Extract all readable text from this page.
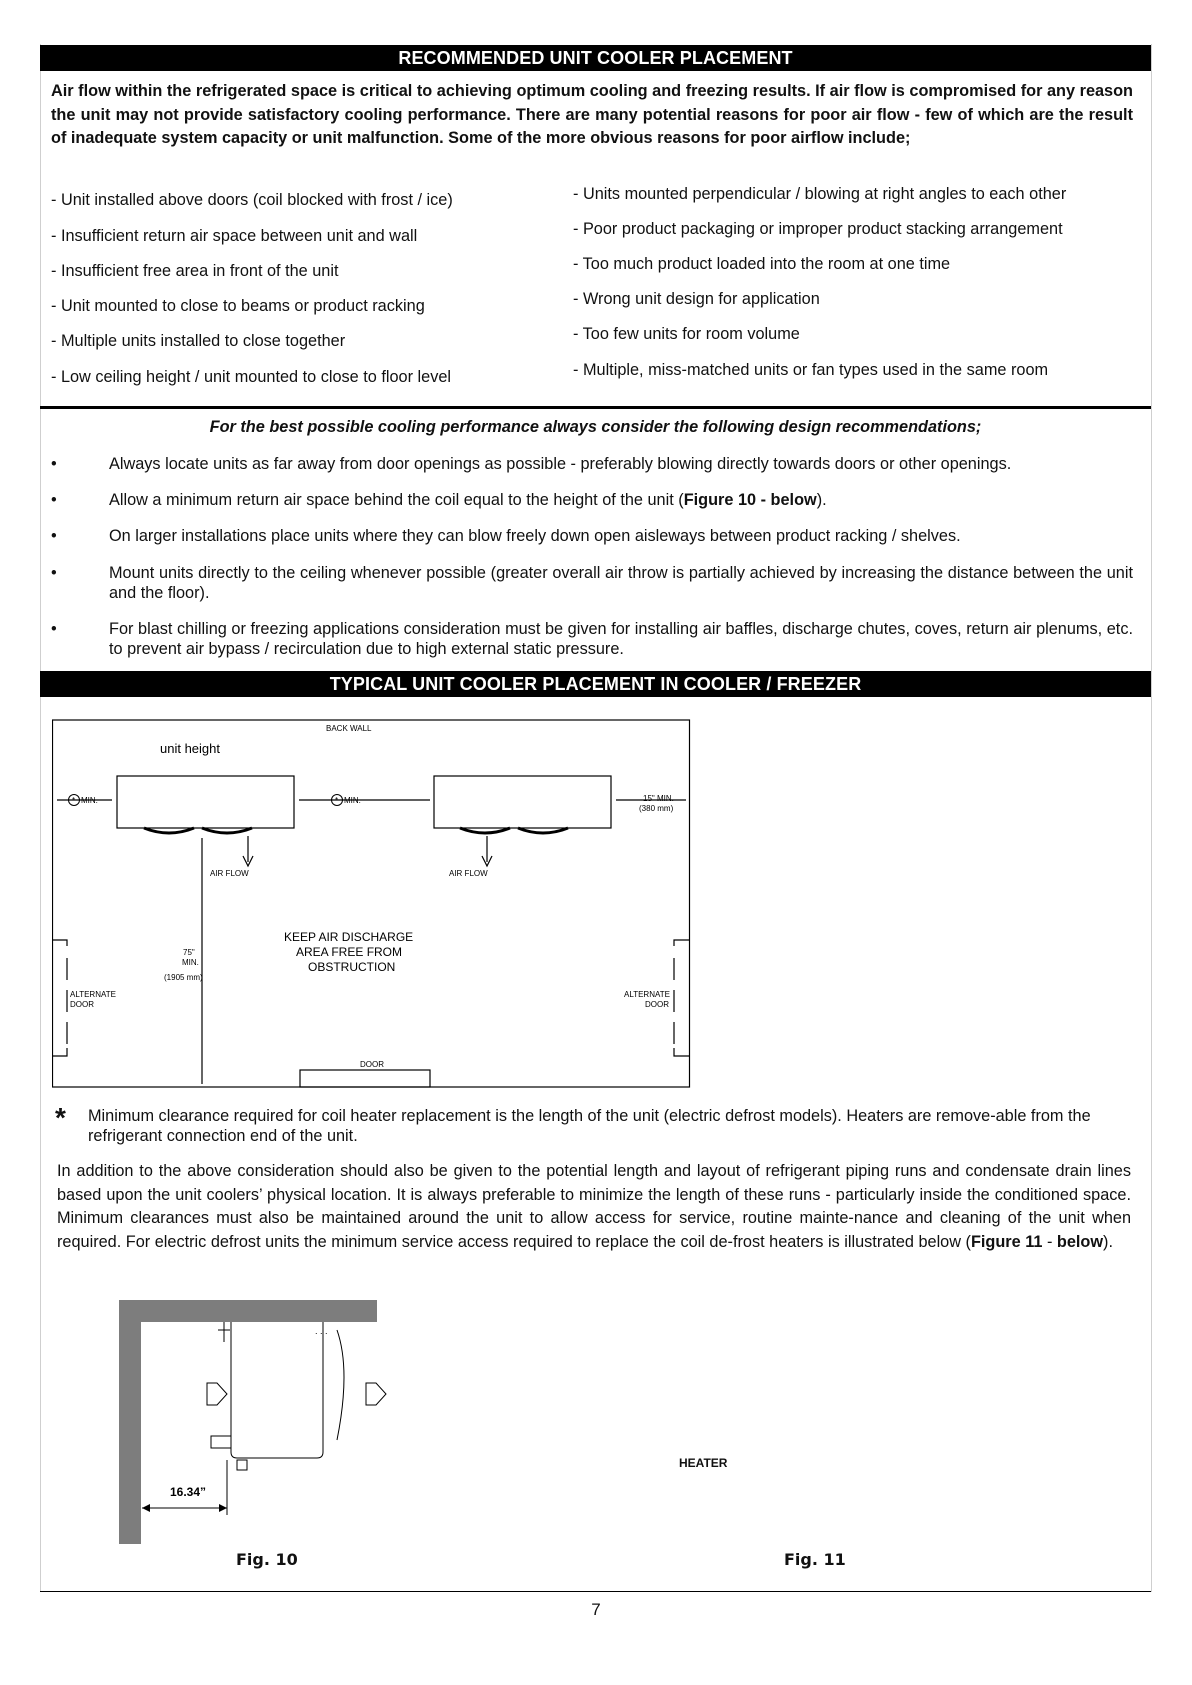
RECOMMENDED UNIT COOLER PLACEMENT

Air flow within the refrigerated space is critical to achieving optimum cooling and freezing results. If air flow is compromised for any reason the unit may not provide satisfactory cooling performance. There are many potential reasons for poor air flow - few of which are the result of inadequate system capacity or unit malfunction. Some of the more obvious reasons for poor airflow include;

- Unit installed above doors (coil blocked with frost / ice)
- Insufficient return air space between unit and wall
- Insufficient free area in front of the unit
- Unit mounted to close to beams or product racking
- Multiple units installed to close together
- Low ceiling height / unit mounted to close to floor level
- Units mounted perpendicular / blowing at right angles to each other
- Poor product packaging or improper product stacking arrangement
- Too much product loaded into the room at one time
- Wrong unit design for application
- Too few units for room volume
- Multiple, miss-matched units or fan types used in the same room
For the best possible cooling performance always consider the following design recommendations;
•	Always locate units as far away from door openings as possible - preferably blowing directly towards doors or other openings.
•	Allow a minimum return air space behind the coil equal to the height of the unit (Figure 10 - below).
•	On larger installations place units where they can blow freely down open aisleways between product racking / shelves.
•	Mount units directly to the ceiling whenever possible (greater overall air throw is partially achieved by increasing the distance between the unit and the floor).
•	For blast chilling or freezing applications consideration must be given for installing air baffles, discharge chutes, coves, return air plenums, etc. to prevent air bypass / recirculation due to high external static pressure.
TYPICAL UNIT COOLER PLACEMENT IN COOLER / FREEZER
*	*
BACK WALL
unit height
MIN.	MIN.	15" MIN.
(380 mm)
AIR FLOW	AIR FLOW
KEEP AIR DISCHARGE
AREA FREE FROM
OBSTRUCTION
75"
MIN.
(1905 mm)
ALTERNATE
DOOR
ALTERNATE
DOOR
DOOR
* Minimum clearance required for coil heater replacement is the length of the unit (electric defrost models). Heaters are remove-able from the refrigerant connection end of the unit.

In addition to the above consideration should also be given to the potential length and layout of refrigerant piping runs and condensate drain lines based upon the unit coolers’ physical location. It is always preferable to minimize the length of these runs - particularly inside the conditioned space. Minimum clearances must also be maintained around the unit to allow access for service, routine mainte-nance and cleaning of the unit when required. For electric defrost units the minimum service access required to replace the coil de-frost heaters is illustrated below (Figure 11 - below).

. . .
16.34”
Fig. 10
HEATER
Fig. 11
7
